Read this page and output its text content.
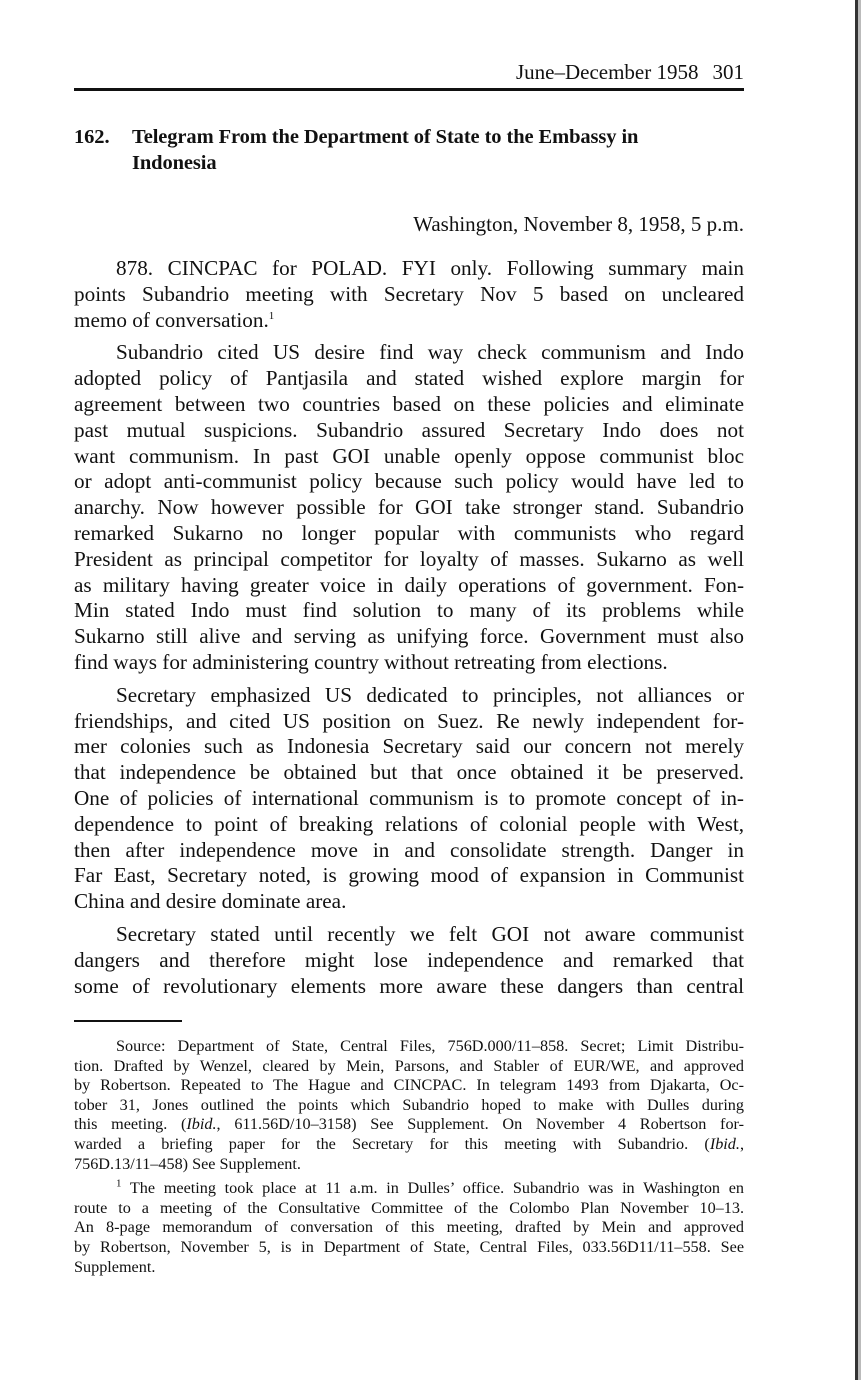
June–December 1958 301
162. Telegram From the Department of State to the Embassy in
Indonesia
Washington, November 8, 1958, 5 p.m.
878. CINCPAC for POLAD. FYI only. Following summary main
points Subandrio meeting with Secretary Nov 5 based on uncleared
memo of conversation.$^1$
Subandrio cited US desire find way check communism and Indo
adopted policy of Pantjasila and stated wished explore margin for
agreement between two countries based on these policies and eliminate
past mutual suspicions. Subandrio assured Secretary Indo does not
want communism. In past GOI unable openly oppose communist bloc
or adopt anti-communist policy because such policy would have led to
anarchy. Now however possible for GOI take stronger stand. Subandrio
remarked Sukarno no longer popular with communists who regard
President as principal competitor for loyalty of masses. Sukarno as well
as military having greater voice in daily operations of government. Fon-
Min stated Indo must find solution to many of its problems while
Sukarno still alive and serving as unifying force. Government must also
find ways for administering country without retreating from elections.
Secretary emphasized US dedicated to principles, not alliances or
friendships, and cited US position on Suez. Re newly independent for-
mer colonies such as Indonesia Secretary said our concern not merely
that independence be obtained but that once obtained it be preserved.
One of policies of international communism is to promote concept of in-
dependence to point of breaking relations of colonial people with West,
then after independence move in and consolidate strength. Danger in
Far East, Secretary noted, is growing mood of expansion in Communist
China and desire dominate area.
Secretary stated until recently we felt GOI not aware communist
dangers and therefore might lose independence and remarked that
some of revolutionary elements more aware these dangers than central
Source: Department of State, Central Files, 756D.000/11–858. Secret; Limit Distribu-
tion. Drafted by Wenzel, cleared by Mein, Parsons, and Stabler of EUR/WE, and approved
by Robertson. Repeated to The Hague and CINCPAC. In telegram 1493 from Djakarta, Oc-
tober 31, Jones outlined the points which Subandrio hoped to make with Dulles during
this meeting. (Ibid., 611.56D/10–3158) See Supplement. On November 4 Robertson for-
warded a briefing paper for the Secretary for this meeting with Subandrio. (Ibid.,
756D.13/11–458) See Supplement.
$^1$ The meeting took place at 11 a.m. in Dulles’ office. Subandrio was in Washington en
route to a meeting of the Consultative Committee of the Colombo Plan November 10–13.
An 8-page memorandum of conversation of this meeting, drafted by Mein and approved
by Robertson, November 5, is in Department of State, Central Files, 033.56D11/11–558. See
Supplement.
